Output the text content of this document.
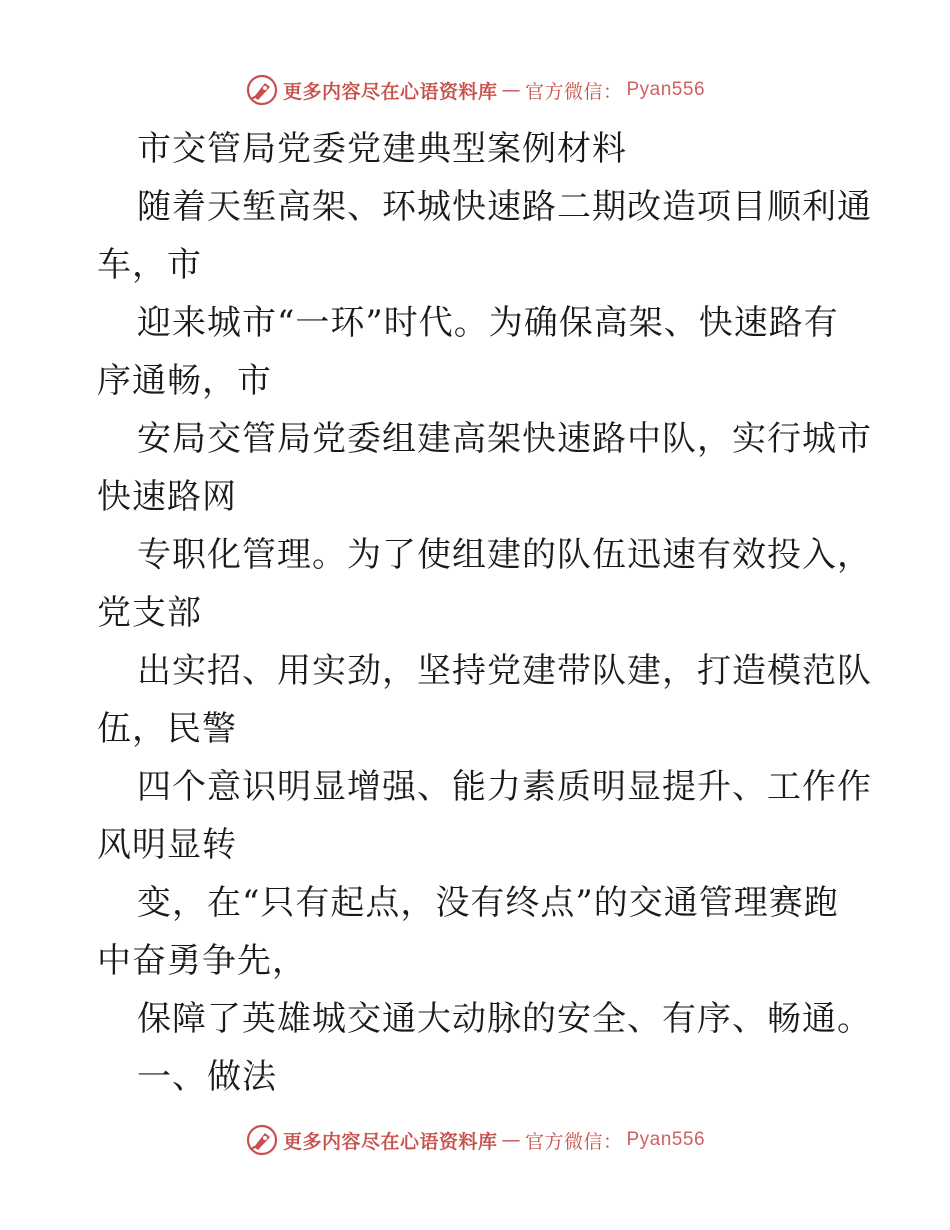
更多内容尽在心语资料库 — 官方微信： Pyan556
市交管局党委党建典型案例材料
随着天堑高架、环城快速路二期改造项目顺利通
车，市
迎来城市“一环”时代。为确保高架、快速路有
序通畅，市
安局交管局党委组建高架快速路中队，实行城市
快速路网
专职化管理。为了使组建的队伍迅速有效投入，
党支部
出实招、用实劲，坚持党建带队建，打造模范队
伍，民警
四个意识明显增强、能力素质明显提升、工作作
风明显转
变，在“只有起点，没有终点”的交通管理赛跑
中奋勇争先，
保障了英雄城交通大动脉的安全、有序、畅通。
一、做法
更多内容尽在心语资料库 — 官方微信： Pyan556
